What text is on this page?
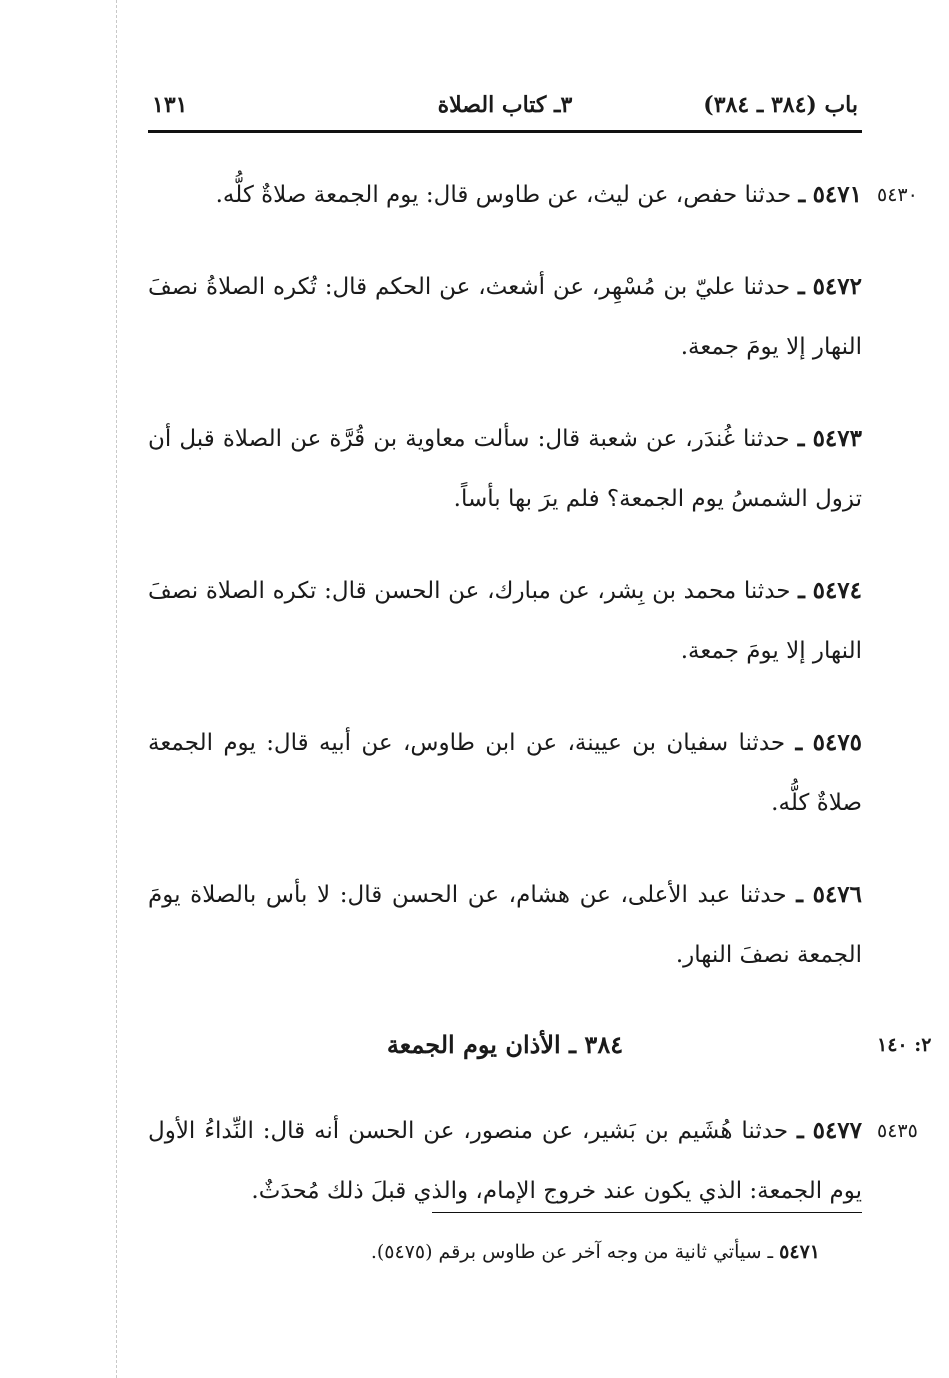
باب (٣٨٤ ـ ٣٨٤)
٣ـ كتاب الصلاة
١٣١
٥٤٣٠
٥٤٧١ ـ حدثنا حفص، عن ليث، عن طاوس قال: يوم الجمعة صلاةٌ كلُّه.
٥٤٧٢ ـ حدثنا عليّ بن مُسْهِر، عن أشعث، عن الحكم قال: تُكره الصلاةُ نصفَ النهار إلا يومَ جمعة.
٥٤٧٣ ـ حدثنا غُندَر، عن شعبة قال: سألت معاوية بن قُرَّة عن الصلاة قبل أن تزول الشمسُ يوم الجمعة؟ فلم يرَ بها بأساً.
٥٤٧٤ ـ حدثنا محمد بن بِشر، عن مبارك، عن الحسن قال: تكره الصلاة نصفَ النهار إلا يومَ جمعة.
٥٤٧٥ ـ حدثنا سفيان بن عيينة، عن ابن طاوس، عن أبيه قال: يوم الجمعة صلاةٌ كلُّه.
٥٤٧٦ ـ حدثنا عبد الأعلى، عن هشام، عن الحسن قال: لا بأس بالصلاة يومَ الجمعة نصفَ النهار.
٢: ١٤٠
٣٨٤ ـ الأذان يوم الجمعة
٥٤٣٥
٥٤٧٧ ـ حدثنا هُشَيم بن بَشير، عن منصور، عن الحسن أنه قال: النِّداءُ الأول يوم الجمعة: الذي يكون عند خروج الإمام، والذي قبلَ ذلك مُحدَثٌ.
٥٤٧١ ـ سيأتي ثانية من وجه آخر عن طاوس برقم (٥٤٧٥).
